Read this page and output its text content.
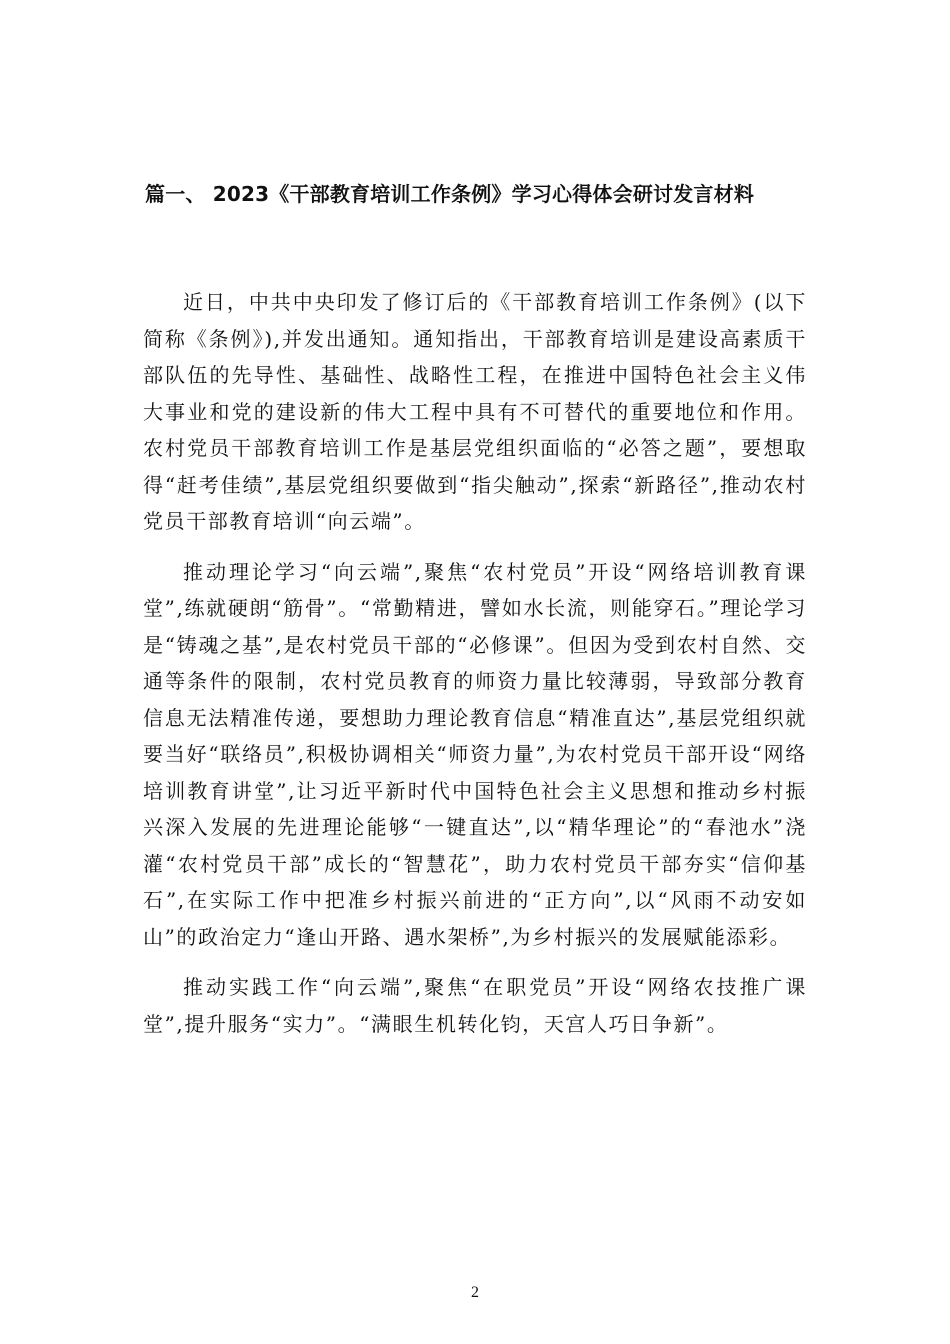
篇一、 2023《干部教育培训工作条例》学习心得体会研讨发言材料

近日，中共中央印发了修订后的《干部教育培训工作条例》(以下简称《条例》),并发出通知。通知指出，干部教育培训是建设高素质干部队伍的先导性、基础性、战略性工程，在推进中国特色社会主义伟大事业和党的建设新的伟大工程中具有不可替代的重要地位和作用。农村党员干部教育培训工作是基层党组织面临的“必答之题”，要想取得“赶考佳绩”,基层党组织要做到“指尖触动”,探索“新路径”,推动农村党员干部教育培训“向云端”。

推动理论学习“向云端”,聚焦“农村党员”开设“网络培训教育课堂”,练就硬朗“筋骨”。“常勤精进，譬如水长流，则能穿石。”理论学习是“铸魂之基”,是农村党员干部的“必修课”。但因为受到农村自然、交通等条件的限制，农村党员教育的师资力量比较薄弱，导致部分教育信息无法精准传递，要想助力理论教育信息“精准直达”,基层党组织就要当好“联络员”,积极协调相关“师资力量”,为农村党员干部开设“网络培训教育讲堂”,让习近平新时代中国特色社会主义思想和推动乡村振兴深入发展的先进理论能够“一键直达”,以“精华理论”的“春池水”浇灌“农村党员干部”成长的“智慧花”，助力农村党员干部夯实“信仰基石”,在实际工作中把准乡村振兴前进的“正方向”,以“风雨不动安如山”的政治定力“逢山开路、遇水架桥”,为乡村振兴的发展赋能添彩。

推动实践工作“向云端”,聚焦“在职党员”开设“网络农技推广课堂”,提升服务“实力”。“满眼生机转化钧，天宫人巧日争新”。

2
